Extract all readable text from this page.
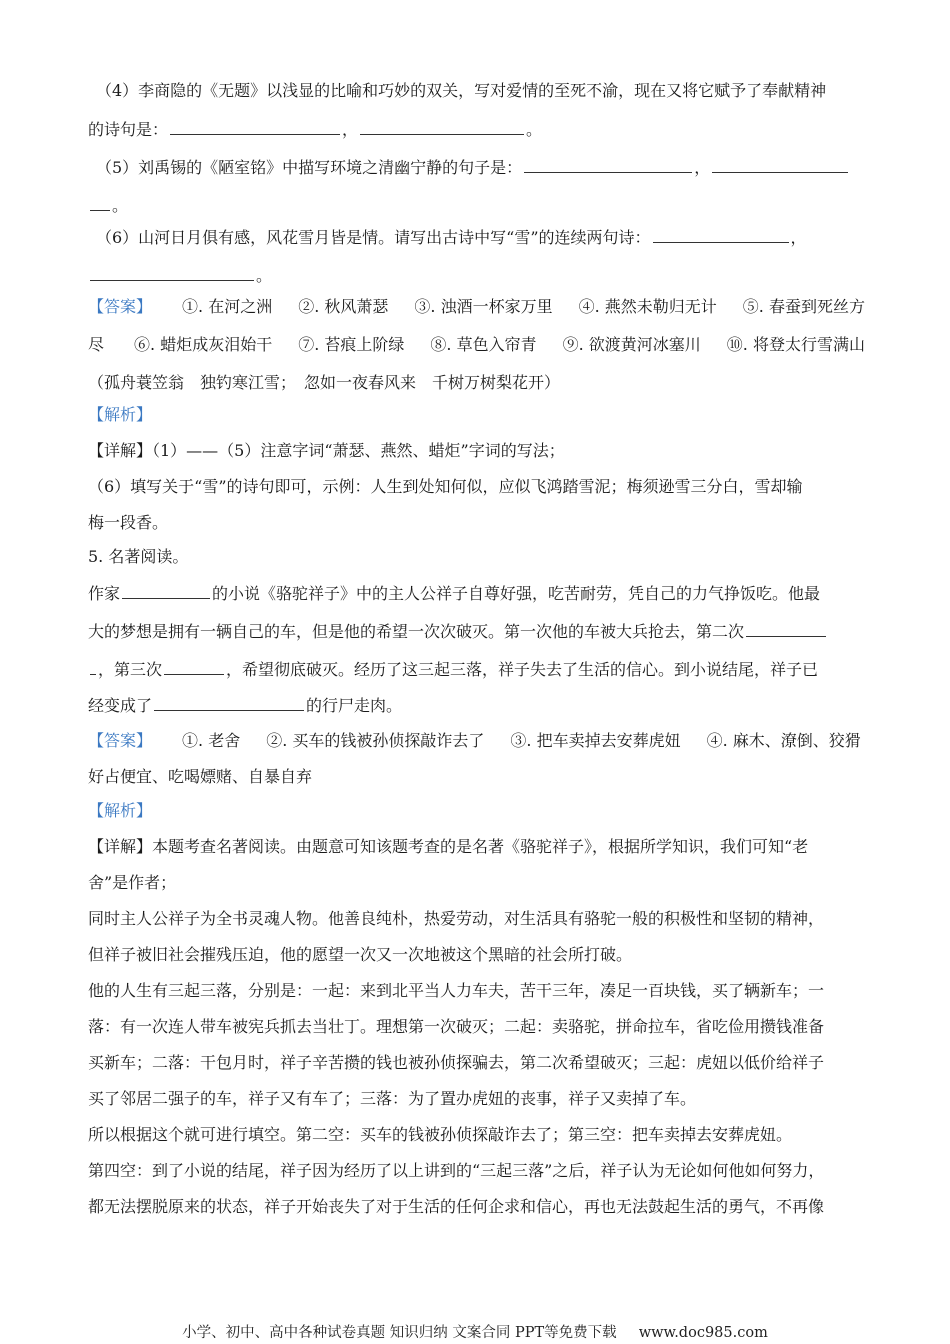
（4）李商隐的《无题》以浅显的比喻和巧妙的双关，写对爱情的至死不渝，现在又将它赋予了奉献精神
的诗句是：	，	。
（5）刘禹锡的《陋室铭》中描写环境之清幽宁静的句子是：	，
。
（6）山河日月俱有感，风花雪月皆是情。请写出古诗中写“雪”的连续两句诗：	，
。
【答案】 ①. 在河之洲 ②. 秋风萧瑟 ③. 浊酒一杯家万里 ④. 燕然未勒归无计 ⑤. 春蚕到死丝方
尽 ⑥. 蜡炬成灰泪始干 ⑦. 苔痕上阶绿 ⑧. 草色入帘青 ⑨. 欲渡黄河冰塞川 ⑩. 将登太行雪满山
（孤舟蓑笠翁　独钓寒江雪；　忽如一夜春风来　千树万树梨花开）
【解析】
【详解】（1）——（5）注意字词“萧瑟、燕然、蜡炬”字词的写法；
（6）填写关于“雪”的诗句即可，示例：人生到处知何似，应似飞鸿踏雪泥；梅须逊雪三分白，雪却输
梅一段香。
5. 名著阅读。
作家	的小说《骆驼祥子》中的主人公祥子自尊好强，吃苦耐劳，凭自己的力气挣饭吃。他最
大的梦想是拥有一辆自己的车，但是他的希望一次次破灭。第一次他的车被大兵抢去，第二次
，第三次	，希望彻底破灭。经历了这三起三落，祥子失去了生活的信心。到小说结尾，祥子已
经变成了	的行尸走肉。
【答案】 ①. 老舍 ②. 买车的钱被孙侦探敲诈去了 ③. 把车卖掉去安葬虎妞 ④. 麻木、潦倒、狡猾
好占便宜、吃喝嫖赌、自暴自弃
【解析】
【详解】本题考查名著阅读。由题意可知该题考查的是名著《骆驼祥子》，根据所学知识，我们可知“老
舍”是作者；
同时主人公祥子为全书灵魂人物。他善良纯朴，热爱劳动，对生活具有骆驼一般的积极性和坚韧的精神，
但祥子被旧社会摧残压迫，他的愿望一次又一次地被这个黑暗的社会所打破。
他的人生有三起三落，分别是：一起：来到北平当人力车夫，苦干三年，凑足一百块钱，买了辆新车；一
落：有一次连人带车被宪兵抓去当壮丁。理想第一次破灭；二起：卖骆驼，拼命拉车，省吃俭用攒钱准备
买新车；二落：干包月时，祥子辛苦攒的钱也被孙侦探骗去，第二次希望破灭；三起：虎妞以低价给祥子
买了邻居二强子的车，祥子又有车了；三落：为了置办虎妞的丧事，祥子又卖掉了车。
所以根据这个就可进行填空。第二空：买车的钱被孙侦探敲诈去了；第三空：把车卖掉去安葬虎妞。
第四空：到了小说的结尾，祥子因为经历了以上讲到的“三起三落”之后，祥子认为无论如何他如何努力，
都无法摆脱原来的状态，祥子开始丧失了对于生活的任何企求和信心，再也无法鼓起生活的勇气，不再像
小学、初中、高中各种试卷真题 知识归纳 文案合同 PPT等免费下载 www.doc985.com
